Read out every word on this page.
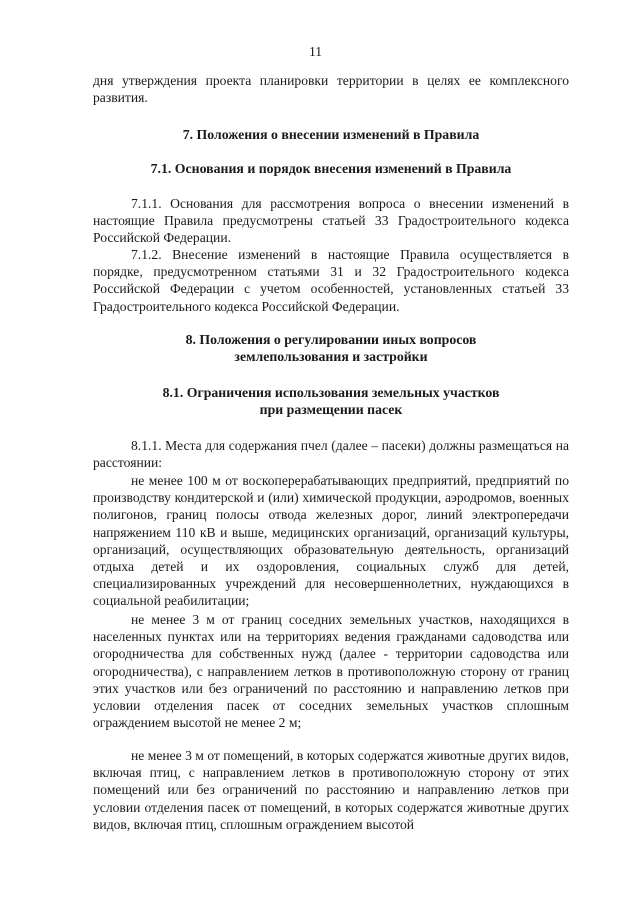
11

дня утверждения проекта планировки территории в целях ее комплексного развития.

7. Положения о внесении изменений в Правила
7.1. Основания и порядок внесения изменений в Правила

7.1.1. Основания для рассмотрения вопроса о внесении изменений в настоящие Правила предусмотрены статьей 33 Градостроительного кодекса Российской Федерации.

7.1.2. Внесение изменений в настоящие Правила осуществляется в порядке, предусмотренном статьями 31 и 32 Градостроительного кодекса Российской Федерации с учетом особенностей, установленных статьей 33 Градостроительного кодекса Российской Федерации.

8. Положения о регулировании иных вопросов
землепользования и застройки
8.1. Ограничения использования земельных участков
при размещении пасек

8.1.1. Места для содержания пчел (далее – пасеки) должны размещаться на расстоянии:

не менее 100 м от воскоперерабатывающих предприятий, предприятий по производству кондитерской и (или) химической продукции, аэродромов, военных полигонов, границ полосы отвода железных дорог, линий электропередачи напряжением 110 кВ и выше, медицинских организаций, организаций культуры, организаций, осуществляющих образовательную деятельность, организаций отдыха детей и их оздоровления, социальных служб для детей, специализированных учреждений для несовершеннолетних, нуждающихся в социальной реабилитации;

не менее 3 м от границ соседних земельных участков, находящихся в населенных пунктах или на территориях ведения гражданами садоводства или огородничества для собственных нужд (далее - территории садоводства или огородничества), с направлением летков в противоположную сторону от границ этих участков или без ограничений по расстоянию и направлению летков при условии отделения пасек от соседних земельных участков сплошным ограждением высотой не менее 2 м;

не менее 3 м от помещений, в которых содержатся животные других видов, включая птиц, с направлением летков в противоположную сторону от этих помещений или без ограничений по расстоянию и направлению летков при условии отделения пасек от помещений, в которых содержатся животные других видов, включая птиц, сплошным ограждением высотой
